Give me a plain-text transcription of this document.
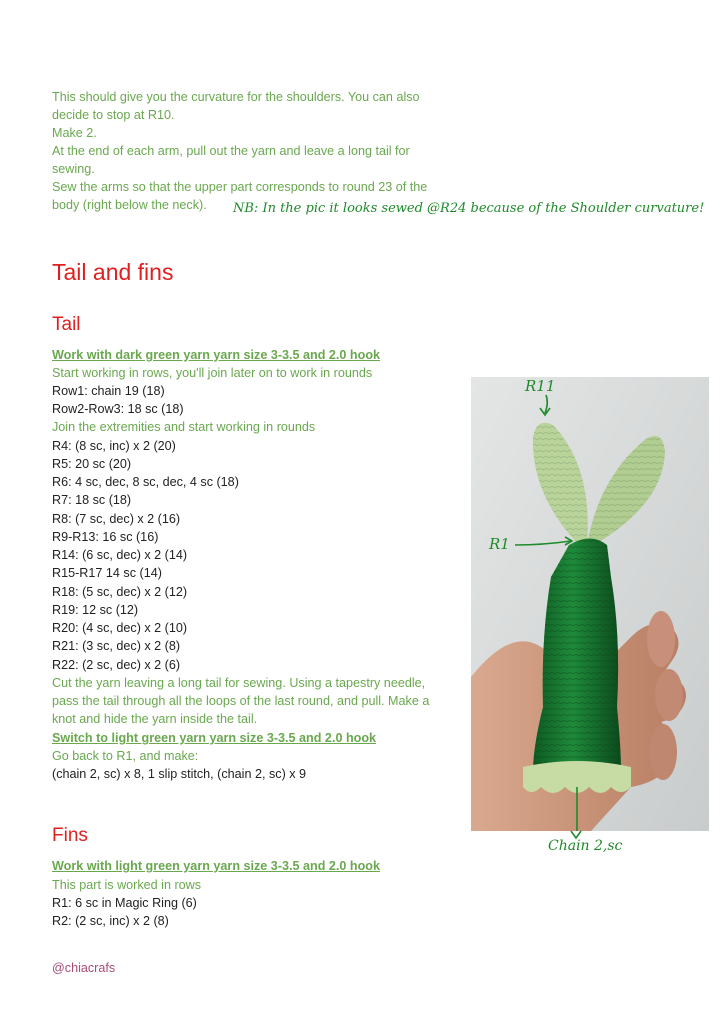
This should give you the curvature for the shoulders. You can also
decide to stop at R10.
Make 2.
At the end of each arm, pull out the yarn and leave a long tail for
sewing.
Sew the arms so that the upper part corresponds to round 23 of the
body (right below the neck). NB: In the pic it looks sewed @R24 because of the Shoulder curvature!
Tail and fins
Tail
Work with dark green yarn yarn size 3-3.5 and 2.0 hook
Start working in rows, you'll join later on to work in rounds
Row1: chain 19 (18)
Row2-Row3: 18 sc (18)
Join the extremities and start working in rounds
R4: (8 sc, inc) x 2 (20)
R5: 20 sc (20)
R6: 4 sc, dec, 8 sc, dec, 4 sc (18)
R7: 18 sc (18)
R8: (7 sc, dec) x 2 (16)
R9-R13: 16 sc (16)
R14: (6 sc, dec) x 2 (14)
R15-R17 14 sc (14)
R18: (5 sc, dec) x 2 (12)
R19: 12 sc (12)
R20: (4 sc, dec) x 2 (10)
R21: (3 sc, dec) x 2 (8)
R22: (2 sc, dec) x 2 (6)
Cut the yarn leaving a long tail for sewing. Using a tapestry needle,
pass the tail through all the loops of the last round, and pull. Make a
knot and hide the yarn inside the tail.
Switch to light green yarn yarn size 3-3.5 and 2.0 hook
Go back to R1, and make:
(chain 2, sc) x 8, 1 slip stitch, (chain 2, sc) x 9
Fins
Work with light green yarn yarn size 3-3.5 and 2.0 hook
This part is worked in rows
R1: 6 sc in Magic Ring (6)
R2: (2 sc, inc) x 2 (8)
R11
R1
Chain 2,sc
@chiacrafs
